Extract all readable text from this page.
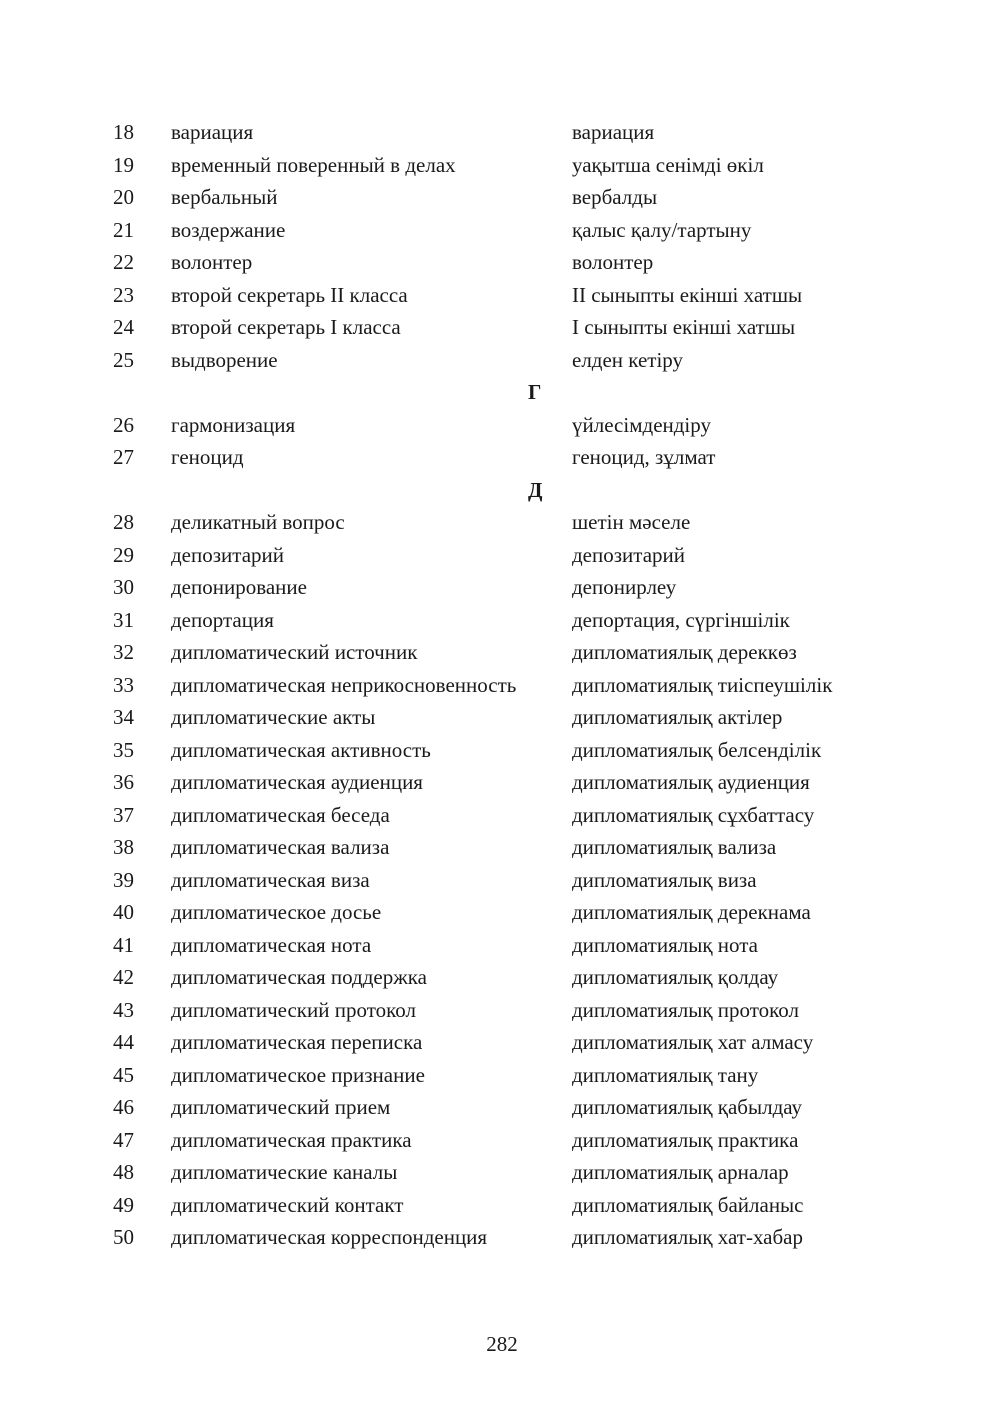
18 вариация	вариация
19 временный поверенный в делах	уақытша сенімді өкіл
20 вербальный	вербалды
21 воздержание	қалыс қалу/тартыну
22 волонтер	волонтер
23 второй секретарь II класса	ІІ сыныпты екінші хатшы
24 второй секретарь I класса	І сыныпты екінші хатшы
25 выдворение	елден кетіру
Г
26 гармонизация	үйлесімдендіру
27 геноцид	геноцид, зұлмат
Д
28 деликатный вопрос	шетін мәселе
29 депозитарий	депозитарий
30 депонирование	депонирлеу
31 депортация	депортация, сүргіншілік
32 дипломатический источник	дипломатиялық дереккөз
33 дипломатическая неприкосновенность	дипломатиялық тиіспеушілік
34 дипломатические акты	дипломатиялық актілер
35 дипломатическая активность	дипломатиялық белсенділік
36 дипломатическая аудиенция	дипломатиялық аудиенция
37 дипломатическая беседа	дипломатиялық сұхбаттасу
38 дипломатическая вализа	дипломатиялық вализа
39 дипломатическая виза	дипломатиялық виза
40 дипломатическое досье	дипломатиялық дерекнама
41 дипломатическая нота	дипломатиялық нота
42 дипломатическая поддержка	дипломатиялық қолдау
43 дипломатический протокол	дипломатиялық протокол
44 дипломатическая переписка	дипломатиялық хат алмасу
45 дипломатическое признание	дипломатиялық тану
46 дипломатический прием	дипломатиялық қабылдау
47 дипломатическая практика	дипломатиялық практика
48 дипломатические каналы	дипломатиялық арналар
49 дипломатический контакт	дипломатиялық байланыс
50 дипломатическая корреспонденция	дипломатиялық хат-хабар
282
